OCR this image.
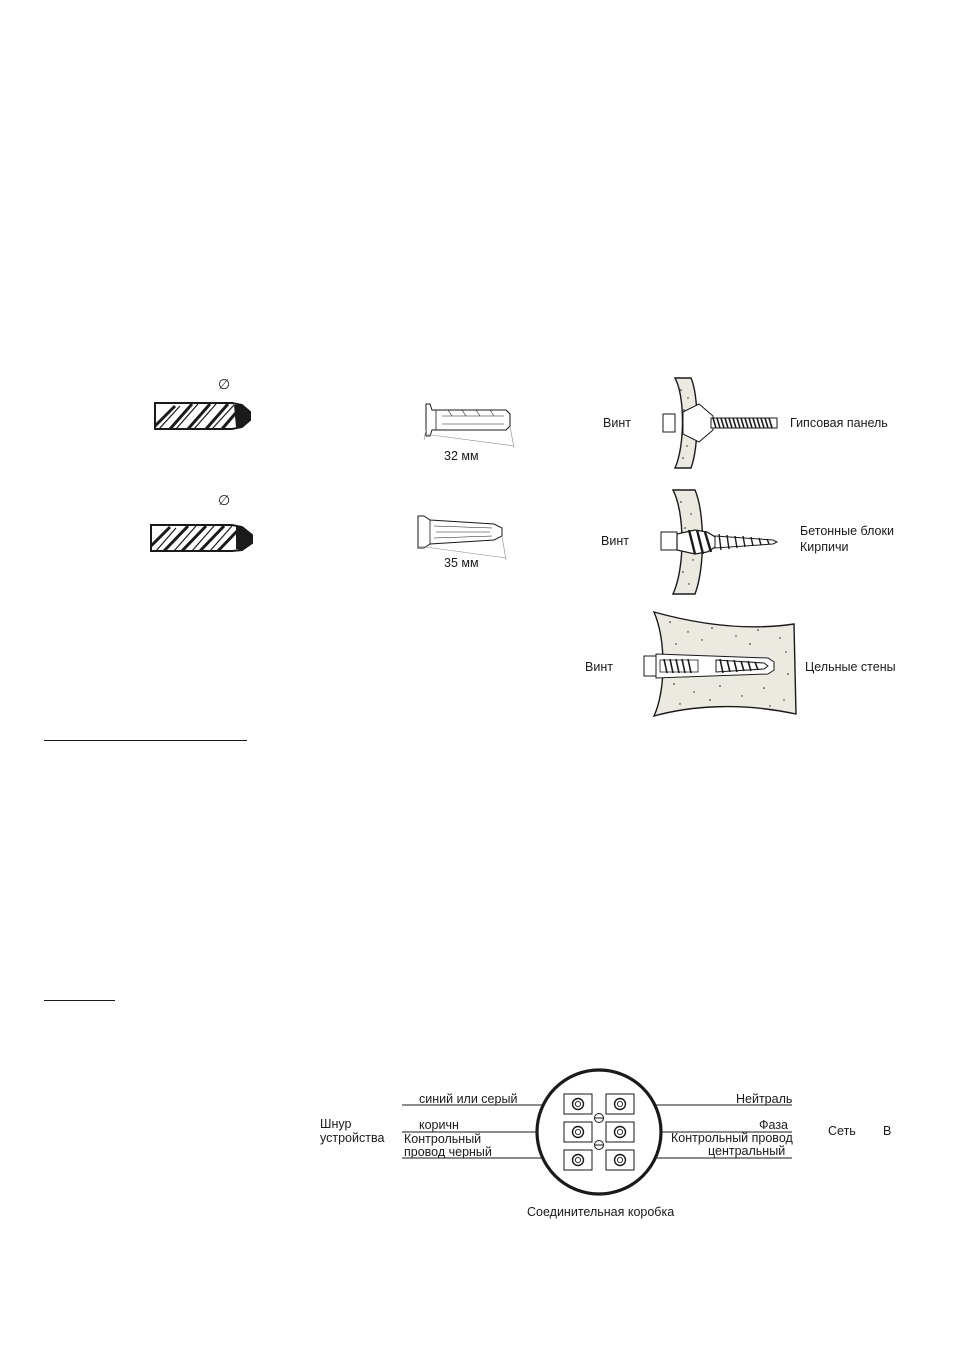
∅
∅
32 мм
35 мм
Винт	Гипсовая панель
Винт
Бетонные блоки
Кирпичи
Винт	Цельные стены
Шнур
устройства
синий или серый
коричн
Контрольный
провод черный
Нейтраль
Фаза
Контрольный провод
центральный
Сеть В
Соединительная коробка
